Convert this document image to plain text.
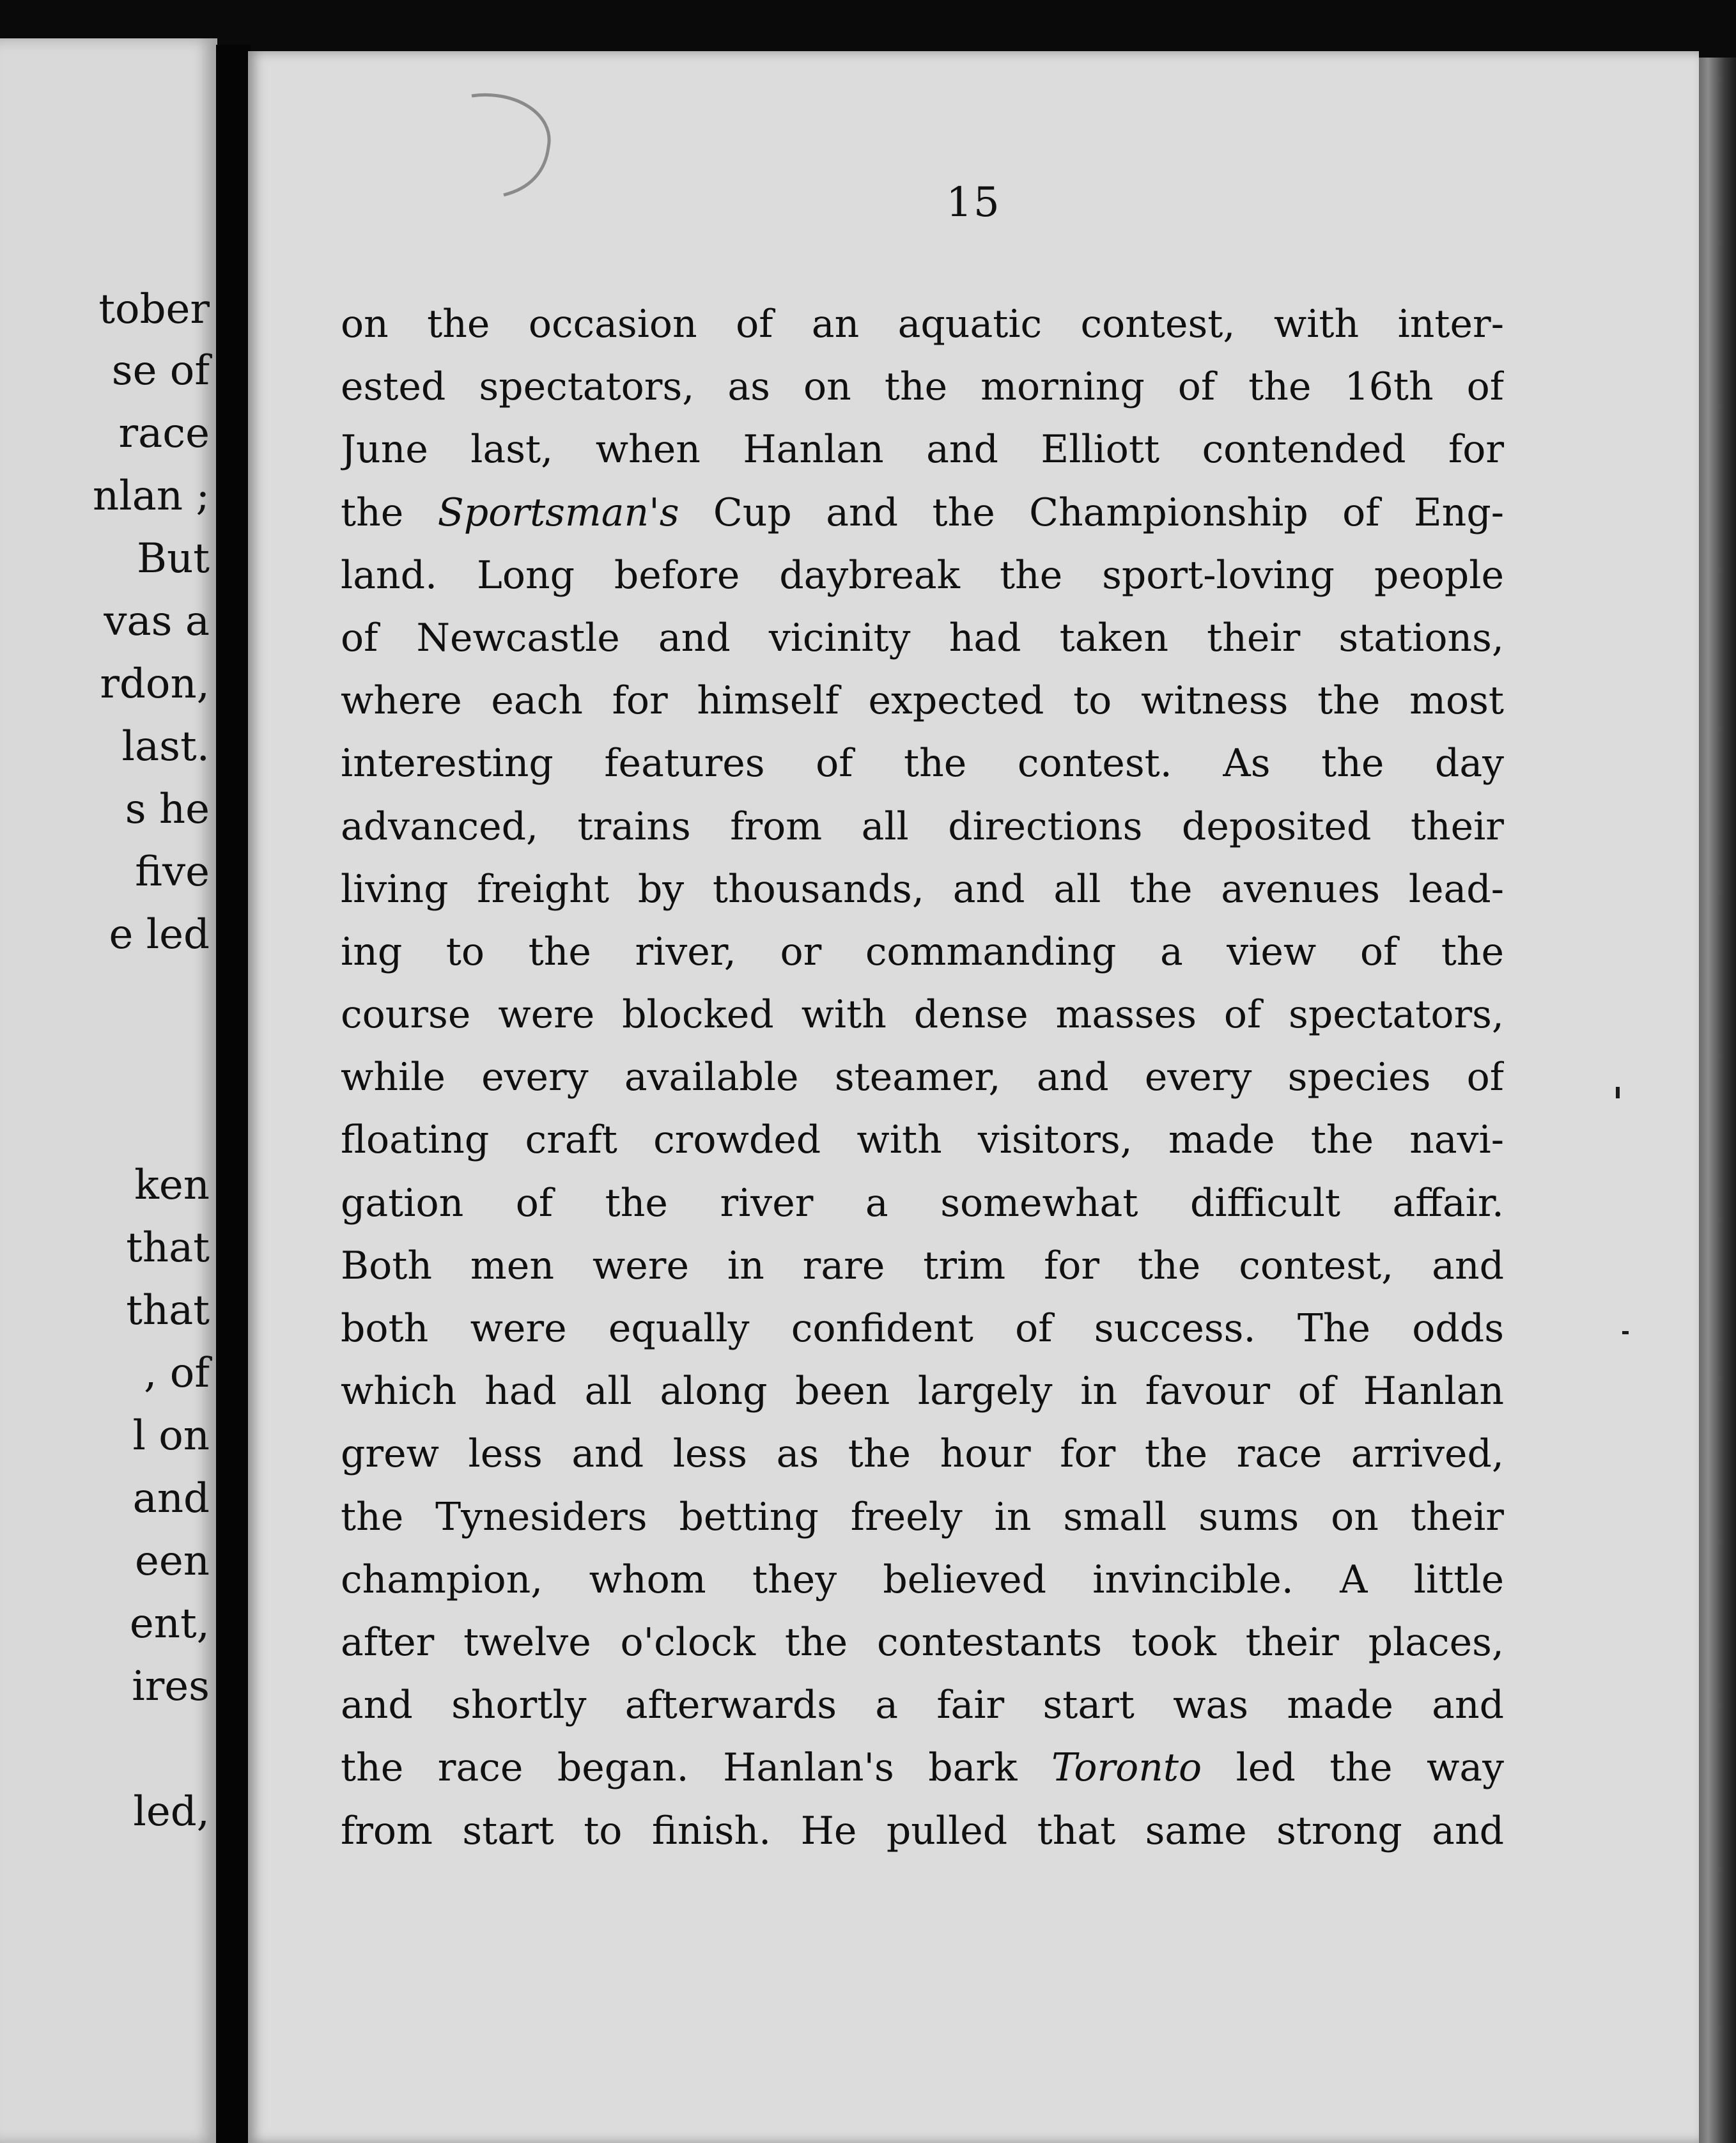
tober
se of
race
nlan ;
But
vas a
rdon,
last.
s he
five
e led
ken
that
that
, of
l on
and
een
ent,
ires
led,
15
on the occasion of an aquatic contest, with inter-
ested spectators, as on the morning of the 16th of
June last, when Hanlan and Elliott contended for
the Sportsman's Cup and the Championship of Eng-
land. Long before daybreak the sport-loving people
of Newcastle and vicinity had taken their stations,
where each for himself expected to witness the most
interesting features of the contest. As the day
advanced, trains from all directions deposited their
living freight by thousands, and all the avenues lead-
ing to the river, or commanding a view of the
course were blocked with dense masses of spectators,
while every available steamer, and every species of
floating craft crowded with visitors, made the navi-
gation of the river a somewhat difficult affair.
Both men were in rare trim for the contest, and
both were equally confident of success. The odds
which had all along been largely in favour of Hanlan
grew less and less as the hour for the race arrived,
the Tynesiders betting freely in small sums on their
champion, whom they believed invincible. A little
after twelve o'clock the contestants took their places,
and shortly afterwards a fair start was made and
the race began. Hanlan's bark Toronto led the way
from start to finish. He pulled that same strong and
